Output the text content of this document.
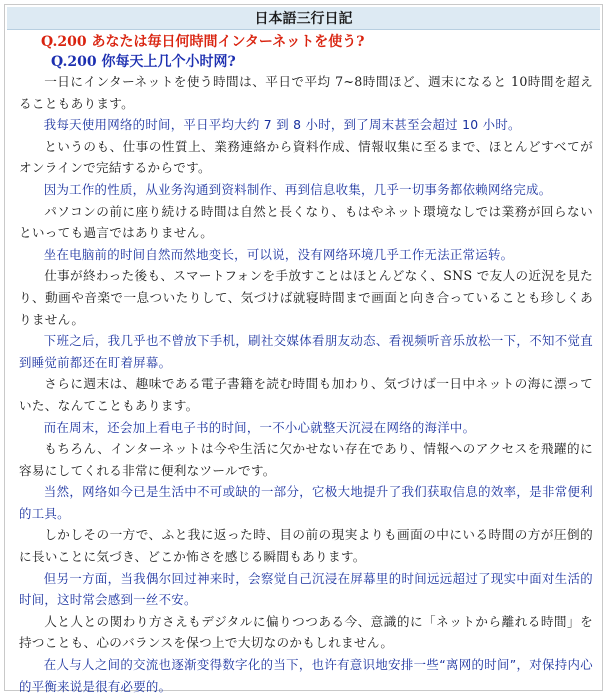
日本語三行日記
Q.200 あなたは毎日何時間インターネットを使う?
Q.200 你每天上几个小时网?

一日にインターネットを使う時間は、平日で平均 7~8時間ほど、週末になると 10時間を超えることもあります。

我每天使用网络的时间，平日平均大约 7 到 8 小时，到了周末甚至会超过 10 小时。

というのも、仕事の性質上、業務連絡から資料作成、情報収集に至るまで、ほとんどすべてがオンラインで完結するからです。

因为工作的性质，从业务沟通到资料制作、再到信息收集，几乎一切事务都依赖网络完成。

パソコンの前に座り続ける時間は自然と長くなり、もはやネット環境なしでは業務が回らないといっても過言ではありません。

坐在电脑前的时间自然而然地变长，可以说，没有网络环境几乎工作无法正常运转。

仕事が終わった後も、スマートフォンを手放すことはほとんどなく、SNS で友人の近況を見たり、動画や音楽で一息ついたりして、気づけば就寝時間まで画面と向き合っていることも珍しくありません。

下班之后，我几乎也不曾放下手机，刷社交媒体看朋友动态、看视频听音乐放松一下，不知不觉直到睡觉前都还在盯着屏幕。

さらに週末は、趣味である電子書籍を読む時間も加わり、気づけば一日中ネットの海に漂っていた、なんてこともあります。

而在周末，还会加上看电子书的时间，一不小心就整天沉浸在网络的海洋中。

もちろん、インターネットは今や生活に欠かせない存在であり、情報へのアクセスを飛躍的に容易にしてくれる非常に便利なツールです。

当然，网络如今已是生活中不可或缺的一部分，它极大地提升了我们获取信息的效率，是非常便利的工具。

しかしその一方で、ふと我に返った時、目の前の現実よりも画面の中にいる時間の方が圧倒的に長いことに気づき、どこか怖さを感じる瞬間もあります。

但另一方面，当我偶尔回过神来时，会察觉自己沉浸在屏幕里的时间远远超过了现实中面对生活的时间，这时常会感到一丝不安。

人と人との関わり方さえもデジタルに偏りつつある今、意識的に「ネットから離れる時間」を持つことも、心のバランスを保つ上で大切なのかもしれません。

在人与人之间的交流也逐渐变得数字化的当下，也许有意识地安排一些“离网的时间”，对保持内心的平衡来说是很有必要的。
